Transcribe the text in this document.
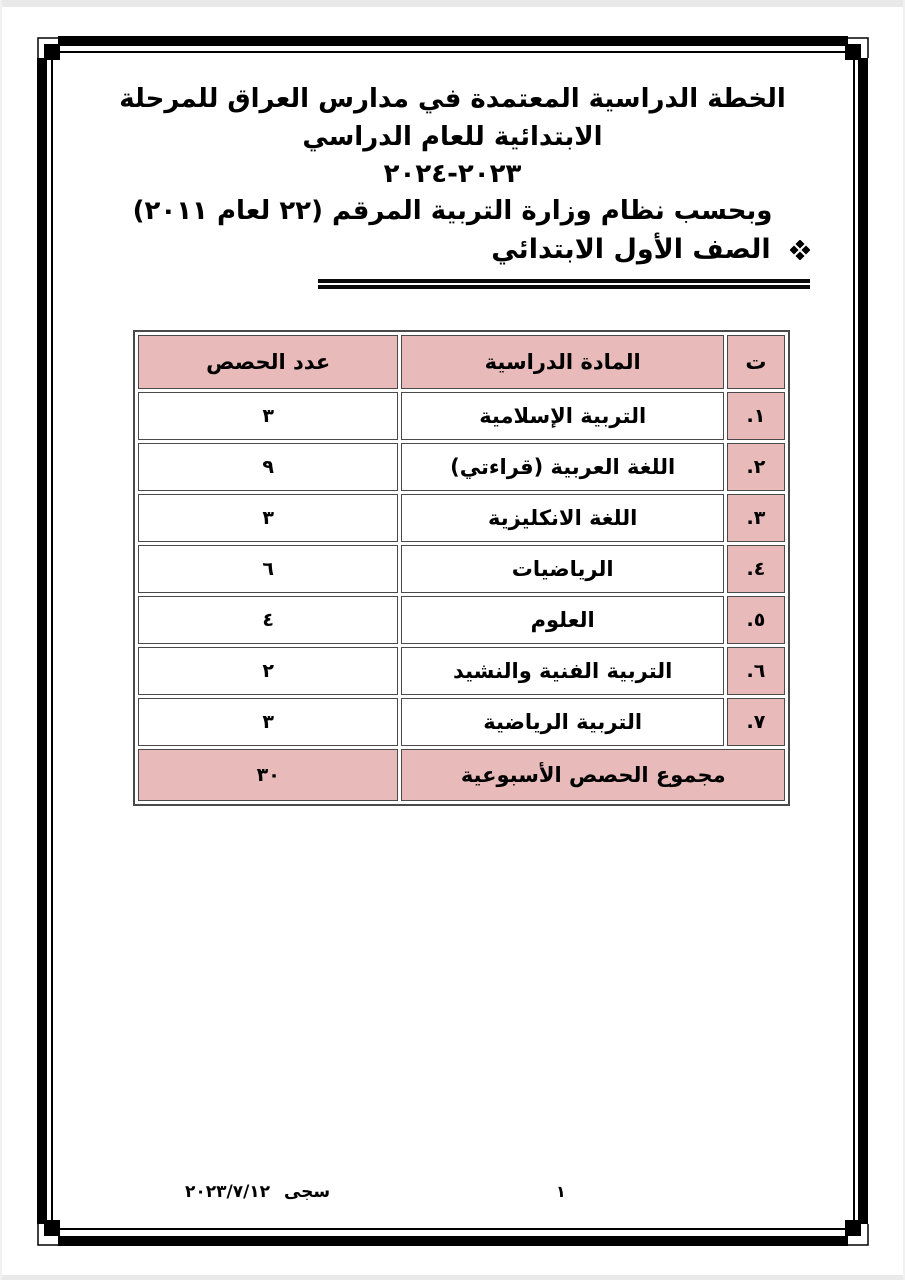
الخطة الدراسية المعتمدة في مدارس العراق للمرحلة الابتدائية للعام الدراسي
٢٠٢٣-٢٠٢٤
وبحسب نظام وزارة التربية المرقم (٢٢ لعام ٢٠١١)
الصف الأول الابتدائي
ت	المادة الدراسية	عدد الحصص
١.	التربية الإسلامية	٣
٢.	اللغة العربية (قراءتي)	٩
٣.	اللغة الانكليزية	٣
٤.	الرياضيات	٦
٥.	العلوم	٤
٦.	التربية الفنية والنشيد	٢
٧.	التربية الرياضية	٣
مجموع الحصص الأسبوعية		٣٠
سجى ٢٠٢٣/٧/١٢	١
